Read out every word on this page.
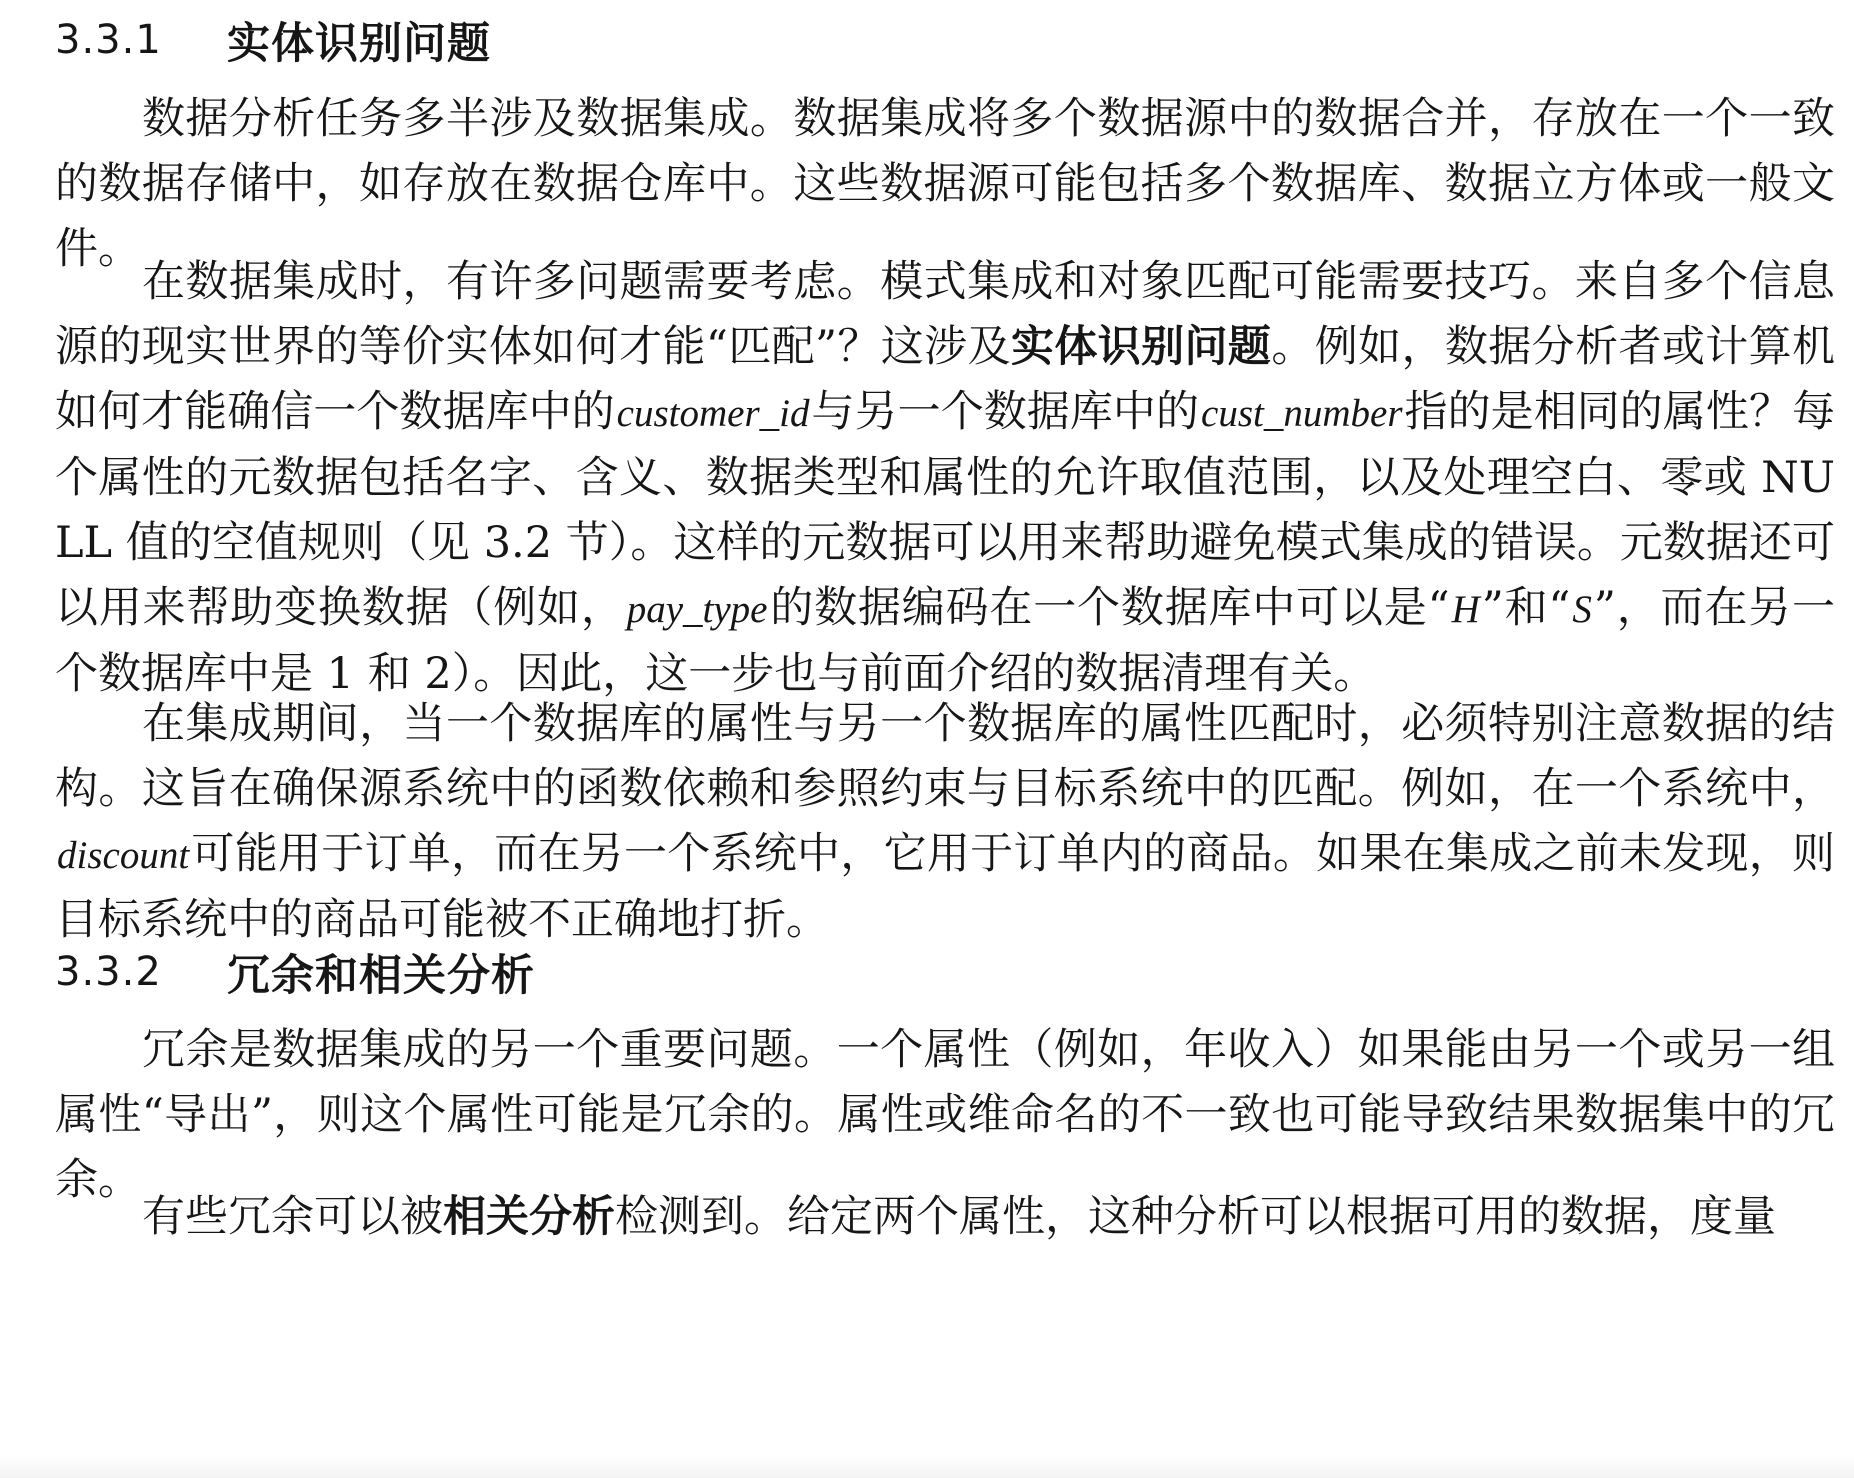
3.3.1	实体识别问题

数据分析任务多半涉及数据集成。数据集成将多个数据源中的数据合并，存放在一个一致的数据存储中，如存放在数据仓库中。这些数据源可能包括多个数据库、数据立方体或一般文件。

在数据集成时，有许多问题需要考虑。模式集成和对象匹配可能需要技巧。来自多个信息源的现实世界的等价实体如何才能“匹配”？这涉及实体识别问题。例如，数据分析者或计算机如何才能确信一个数据库中的customer_id与另一个数据库中的cust_number指的是相同的属性？每个属性的元数据包括名字、含义、数据类型和属性的允许取值范围，以及处理空白、零或 NULL 值的空值规则（见 3.2 节）。这样的元数据可以用来帮助避免模式集成的错误。元数据还可以用来帮助变换数据（例如，pay_type的数据编码在一个数据库中可以是“H”和“S”，而在另一个数据库中是 1 和 2）。因此，这一步也与前面介绍的数据清理有关。

在集成期间，当一个数据库的属性与另一个数据库的属性匹配时，必须特别注意数据的结构。这旨在确保源系统中的函数依赖和参照约束与目标系统中的匹配。例如，在一个系统中，discount可能用于订单，而在另一个系统中，它用于订单内的商品。如果在集成之前未发现，则目标系统中的商品可能被不正确地打折。

3.3.2	冗余和相关分析

冗余是数据集成的另一个重要问题。一个属性（例如，年收入）如果能由另一个或另一组属性“导出”，则这个属性可能是冗余的。属性或维命名的不一致也可能导致结果数据集中的冗余。

有些冗余可以被相关分析检测到。给定两个属性，这种分析可以根据可用的数据，度量
